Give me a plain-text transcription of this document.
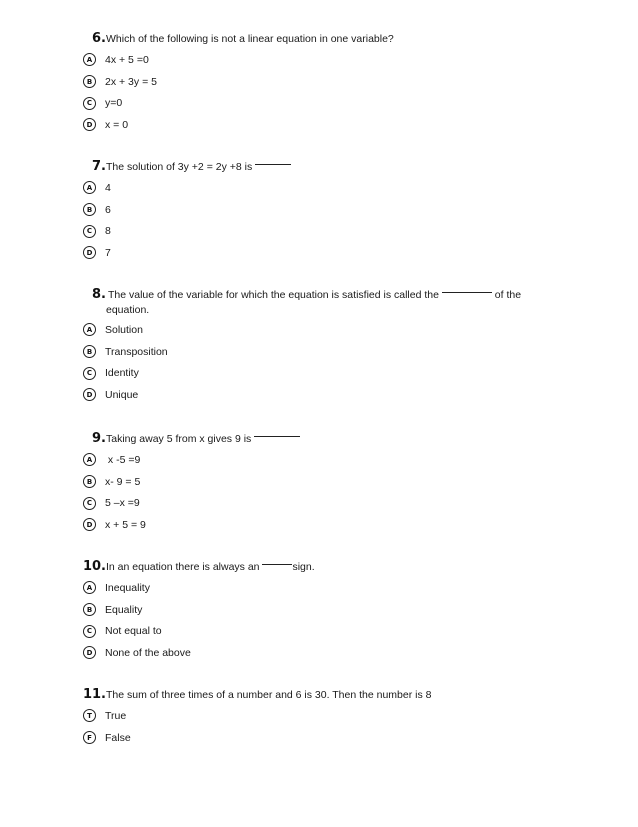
6. Which of the following is not a linear equation in one variable?
A	4x + 5 =0
B	2x + 3y = 5
C	y=0
D	x = 0
7. The solution of 3y +2 = 2y +8 is
A	4
B	6
C	8
D	7
8. The value of the variable for which the equation is satisfied is called the	of the
equation.
A	Solution
B	Transposition
C	Identity
D	Unique
9. Taking away 5 from x gives 9 is
A	x -5 =9
B	x- 9 = 5
C	5 –x =9
D	x + 5 = 9
10. In an equation there is always an	sign.
A	Inequality
B	Equality
C	Not equal to
D	None of the above
11. The sum of three times of a number and 6 is 30. Then the number is 8
T	True
F	False
